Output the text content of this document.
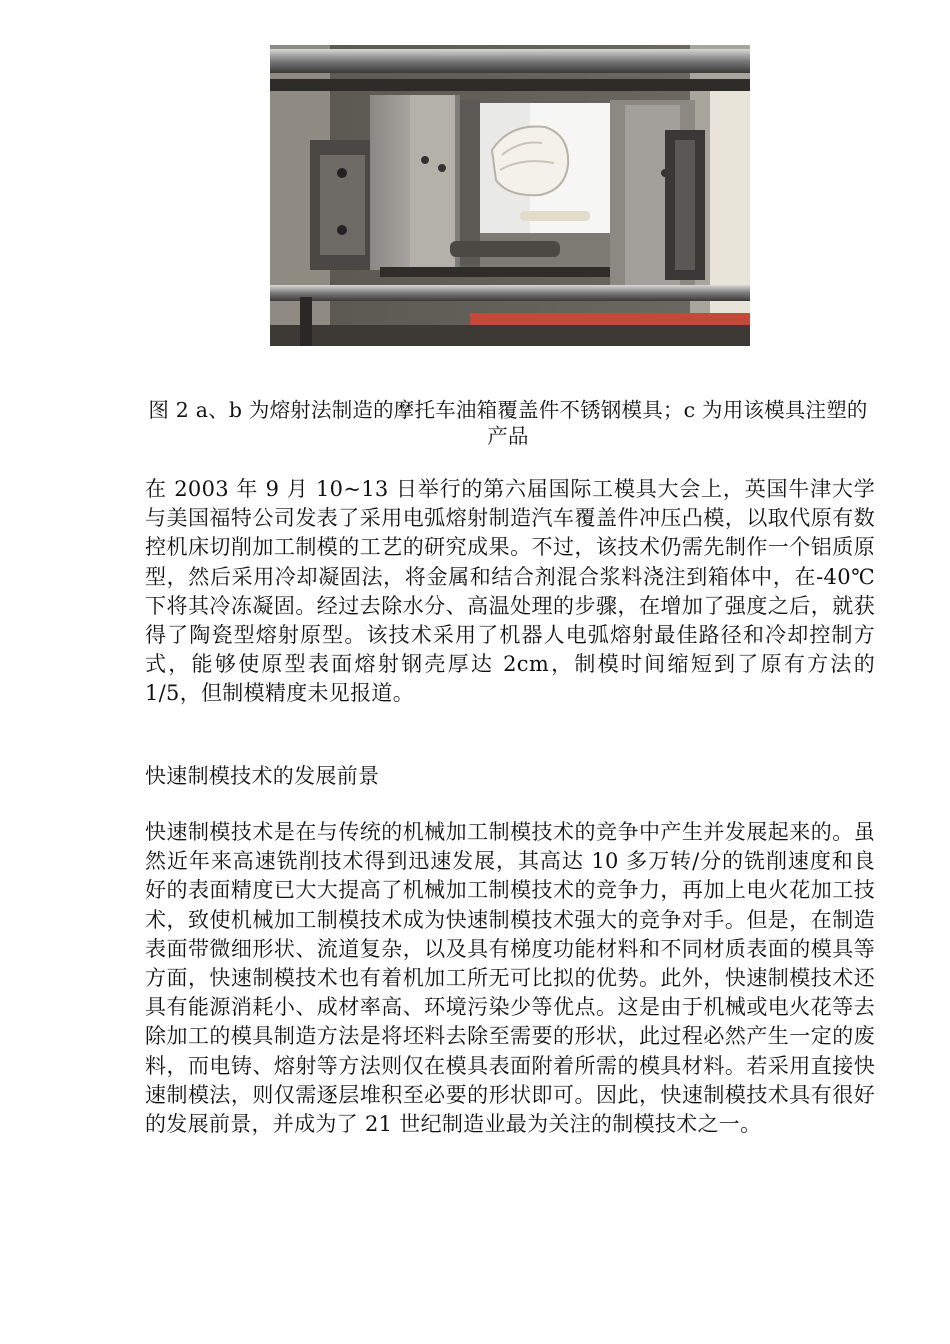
图 2 a、b 为熔射法制造的摩托车油箱覆盖件不锈钢模具；c 为用该模具注塑的产品

在 2003 年 9 月 10~13 日举行的第六届国际工模具大会上，英国牛津大学与美国福特公司发表了采用电弧熔射制造汽车覆盖件冲压凸模，以取代原有数控机床切削加工制模的工艺的研究成果。不过，该技术仍需先制作一个铝质原型，然后采用冷却凝固法，将金属和结合剂混合浆料浇注到箱体中，在-40℃下将其冷冻凝固。经过去除水分、高温处理的步骤，在增加了强度之后，就获得了陶瓷型熔射原型。该技术采用了机器人电弧熔射最佳路径和冷却控制方式，能够使原型表面熔射钢壳厚达 2cm，制模时间缩短到了原有方法的 1/5，但制模精度未见报道。

快速制模技术的发展前景

快速制模技术是在与传统的机械加工制模技术的竞争中产生并发展起来的。虽然近年来高速铣削技术得到迅速发展，其高达 10 多万转/分的铣削速度和良好的表面精度已大大提高了机械加工制模技术的竞争力，再加上电火花加工技术，致使机械加工制模技术成为快速制模技术强大的竞争对手。但是，在制造表面带微细形状、流道复杂，以及具有梯度功能材料和不同材质表面的模具等方面，快速制模技术也有着机加工所无可比拟的优势。此外，快速制模技术还具有能源消耗小、成材率高、环境污染少等优点。这是由于机械或电火花等去除加工的模具制造方法是将坯料去除至需要的形状，此过程必然产生一定的废料，而电铸、熔射等方法则仅在模具表面附着所需的模具材料。若采用直接快速制模法，则仅需逐层堆积至必要的形状即可。因此，快速制模技术具有很好的发展前景，并成为了 21 世纪制造业最为关注的制模技术之一。
